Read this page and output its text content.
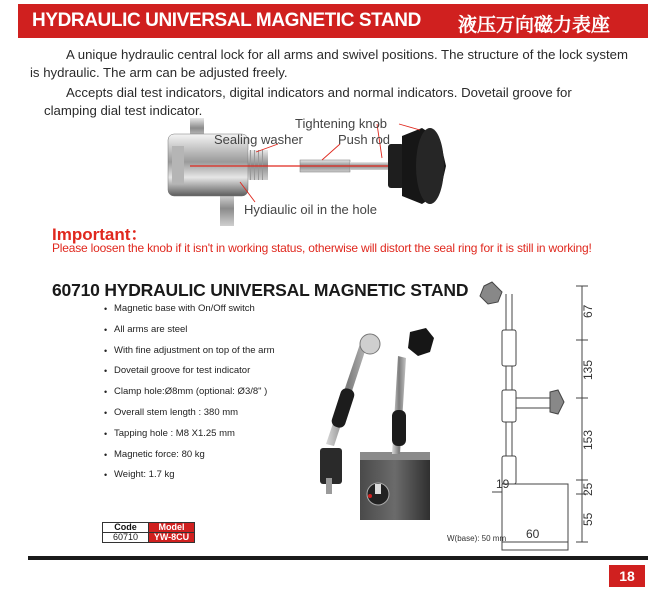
HYDRAULIC UNIVERSAL MAGNETIC STAND 液压万向磁力表座

A unique hydraulic central lock for all arms and swivel positions. The structure of the lock system is hydraulic. The arm can be adjusted freely.

Accepts dial test indicators, digital indicators and normal indicators. Dovetail groove for clamping dial test indicator.

Tightening knob
Sealing washer	Push rod
Hydiaulic oil in the hole
Important：
Please loosen the knob if it isn't in working status, otherwise will distort the seal ring for it is still in working!
60710 HYDRAULIC UNIVERSAL MAGNETIC STAND
• Magnetic base with On/Off switch
• All arms are steel
• With fine adjustment on top of the arm
• Dovetail groove for test indicator
• Clamp hole:Ø8mm (optional: Ø3/8" )
• Overall stem length : 380 mm
• Tapping hole : M8 X1.25 mm
• Magnetic force: 80 kg
• Weight: 1.7 kg
67
135
153
25
55
19
60
Code	Model
60710	YW-8CU	W(base): 50 mm
18
